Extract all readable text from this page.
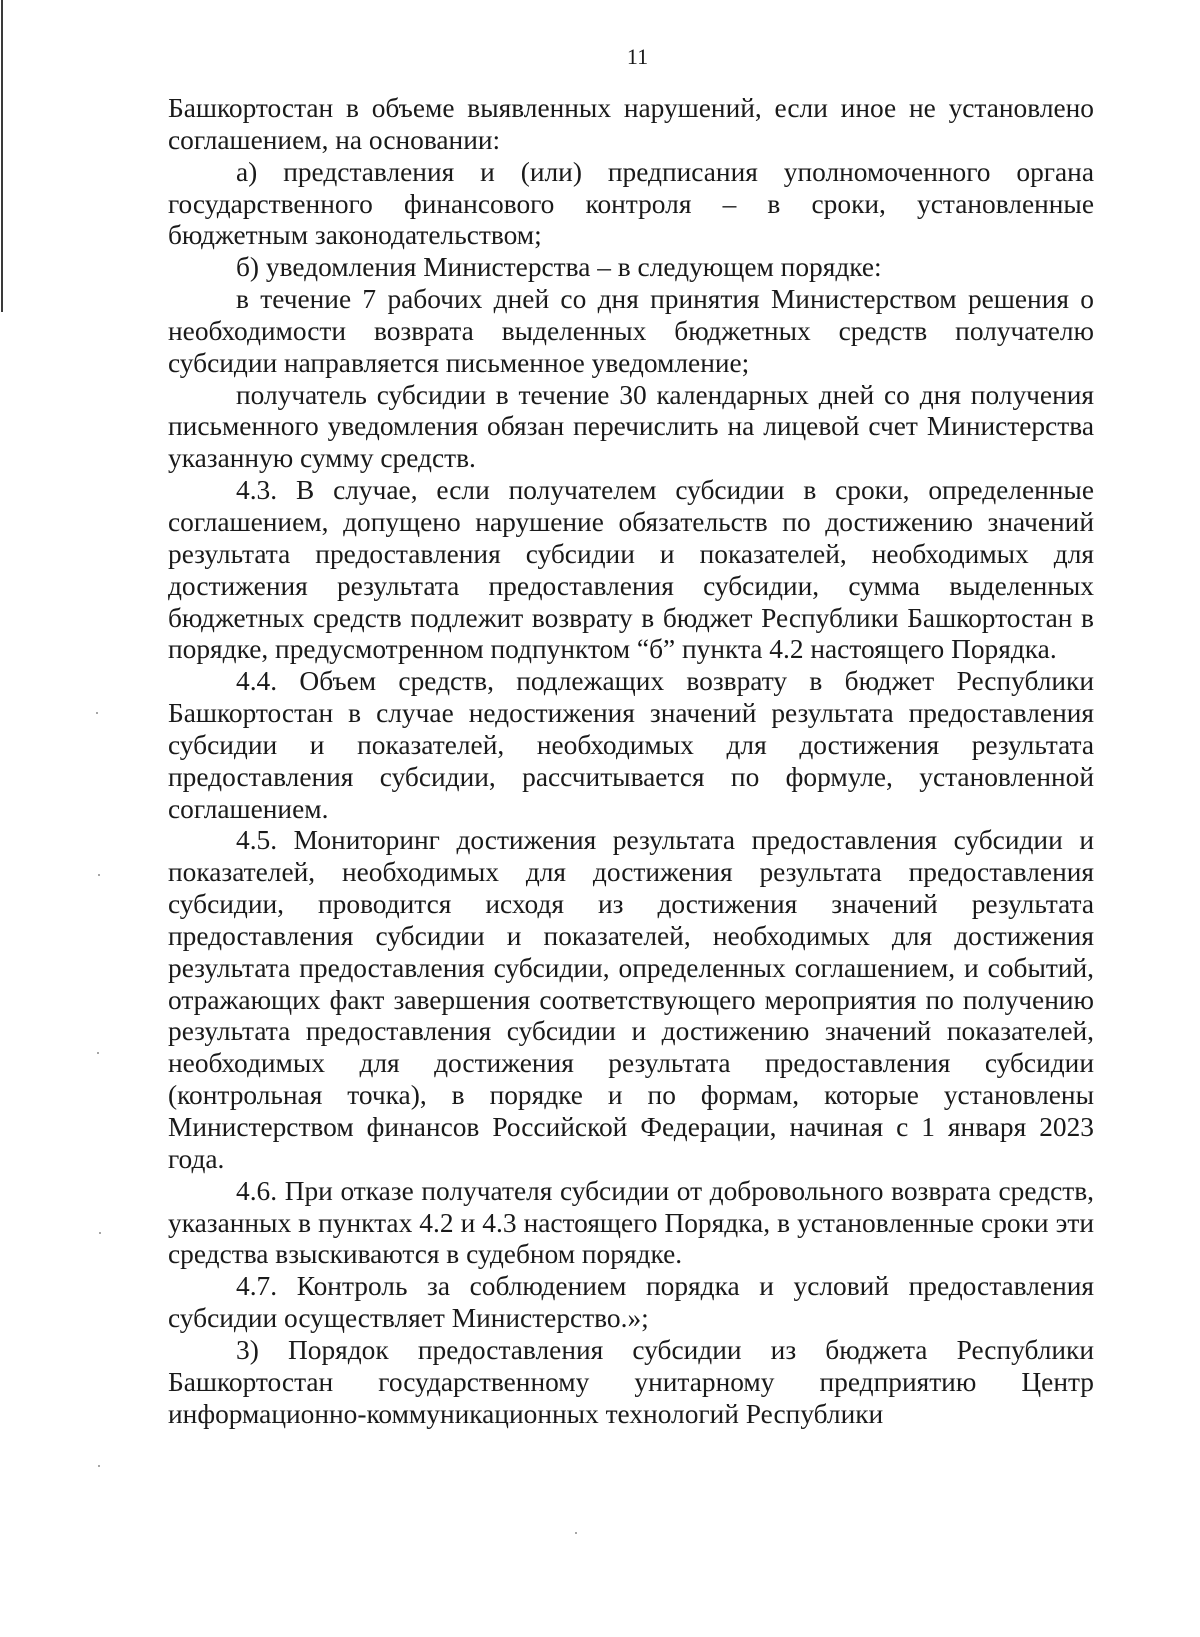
11

Башкортостан в объеме выявленных нарушений, если иное не установлено соглашением, на основании:

а) представления и (или) предписания уполномоченного органа государственного финансового контроля – в сроки, установленные бюджетным законодательством;

б) уведомления Министерства – в следующем порядке:

в течение 7 рабочих дней со дня принятия Министерством решения о необходимости возврата выделенных бюджетных средств получателю субсидии направляется письменное уведомление;

получатель субсидии в течение 30 календарных дней со дня получения письменного уведомления обязан перечислить на лицевой счет Министерства указанную сумму средств.

4.3. В случае, если получателем субсидии в сроки, определенные соглашением, допущено нарушение обязательств по достижению значений результата предоставления субсидии и показателей, необходимых для достижения результата предоставления субсидии, сумма выделенных бюджетных средств подлежит возврату в бюджет Республики Башкортостан в порядке, предусмотренном подпунктом “б” пункта 4.2 настоящего Порядка.

4.4. Объем средств, подлежащих возврату в бюджет Республики Башкортостан в случае недостижения значений результата предоставления субсидии и показателей, необходимых для достижения результата предоставления субсидии, рассчитывается по формуле, установленной соглашением.

4.5. Мониторинг достижения результата предоставления субсидии и показателей, необходимых для достижения результата предоставления субсидии, проводится исходя из достижения значений результата предоставления субсидии и показателей, необходимых для достижения результата предоставления субсидии, определенных соглашением, и событий, отражающих факт завершения соответствующего мероприятия по получению результата предоставления субсидии и достижению значений показателей, необходимых для достижения результата предоставления субсидии (контрольная точка), в порядке и по формам, которые установлены Министерством финансов Российской Федерации, начиная с 1 января 2023 года.

4.6. При отказе получателя субсидии от добровольного возврата средств, указанных в пунктах 4.2 и 4.3 настоящего Порядка, в установленные сроки эти средства взыскиваются в судебном порядке.

4.7. Контроль за соблюдением порядка и условий предоставления субсидии осуществляет Министерство.»;

3) Порядок предоставления субсидии из бюджета Республики Башкортостан государственному унитарному предприятию Центр информационно-коммуникационных технологий Республики
